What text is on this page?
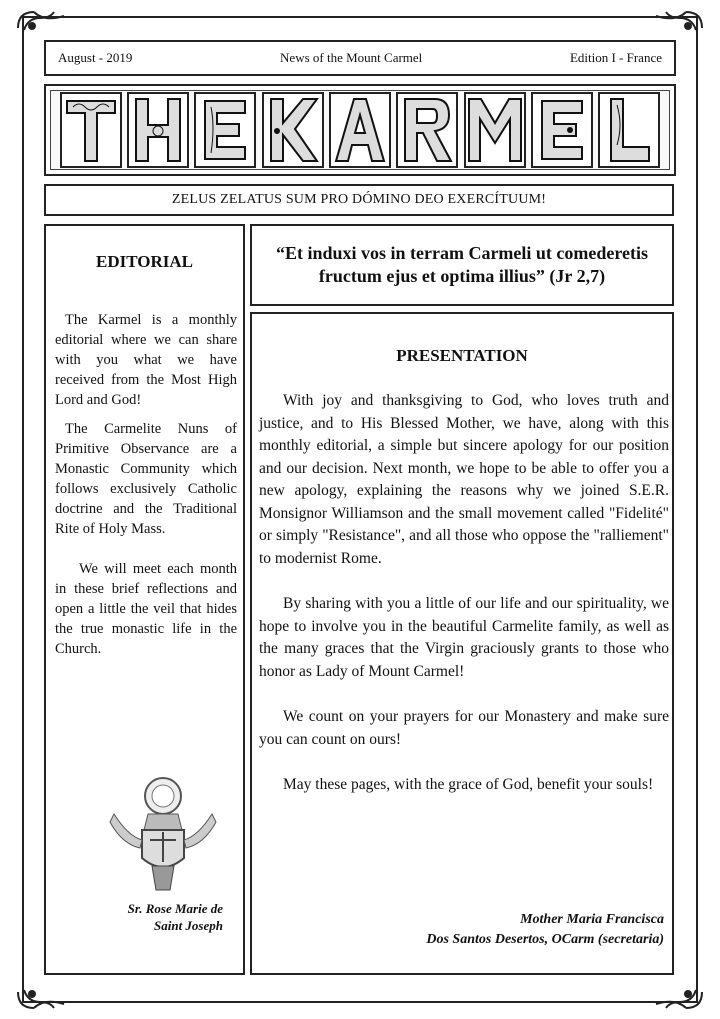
August - 2019	News of the Mount Carmel	Edition I - France
ZELUS ZELATUS SUM PRO DÓMINO DEO EXERCÍTUUM!
EDITORIAL

The Karmel is a monthly editorial where we can share with you what we have received from the Most High Lord and God!

The Carmelite Nuns of Primitive Observance are a Monastic Community which follows exclusively Catholic doctrine and the Traditional Rite of Holy Mass.

We will meet each month in these brief reflections and open a little the veil that hides the true monastic life in the Church.

Sr. Rose Marie de
Saint Joseph
“Et induxi vos in terram Carmeli ut comederetis fructum ejus et optima illius” (Jr 2,7)
PRESENTATION

With joy and thanksgiving to God, who loves truth and justice, and to His Blessed Mother, we have, along with this monthly editorial, a simple but sincere apology for our position and our decision. Next month, we hope to be able to offer you a new apology, explaining the reasons why we joined S.E.R. Monsignor Williamson and the small movement called "Fidelité" or simply "Resistance", and all those who oppose the "ralliement" to modernist Rome.

By sharing with you a little of our life and our spirituality, we hope to involve you in the beautiful Carmelite family, as well as the many graces that the Virgin graciously grants to those who honor as Lady of Mount Carmel!

We count on your prayers for our Monastery and make sure you can count on ours!

May these pages, with the grace of God, benefit your souls!

Mother Maria Francisca
Dos Santos Desertos, OCarm (secretaria)
